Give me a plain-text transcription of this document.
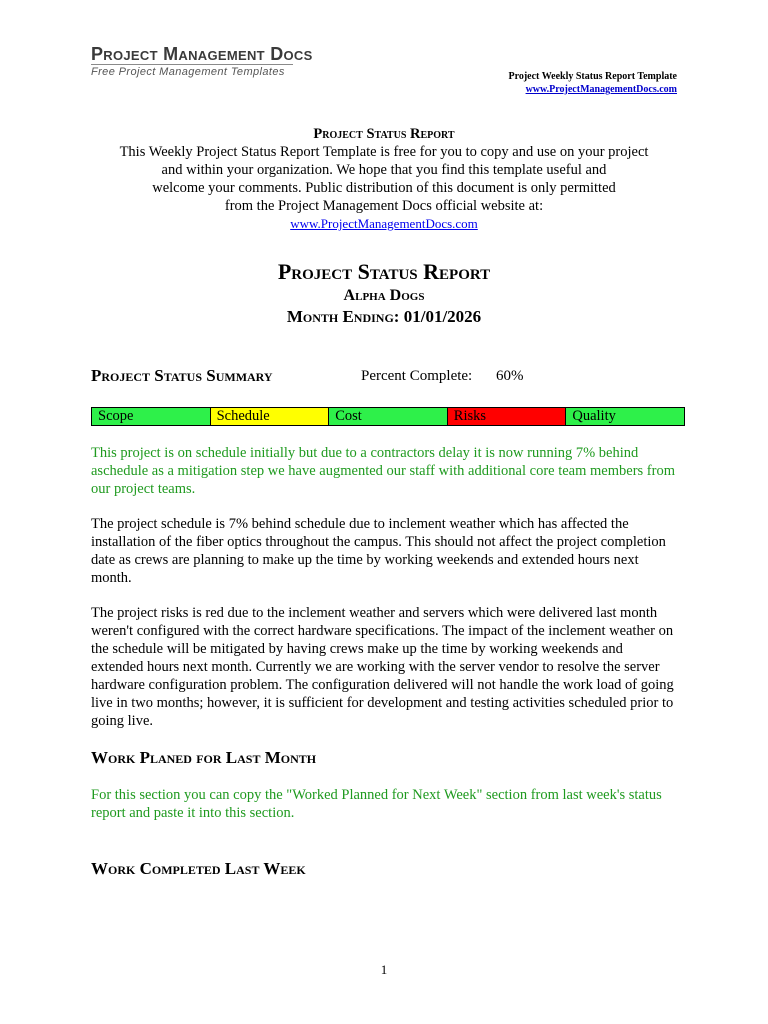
Project Management Docs
Free Project Management Templates	Project Weekly Status Report Template
www.ProjectManagementDocs.com
Project Status Report
This Weekly Project Status Report Template is free for you to copy and use on your project
and within your organization. We hope that you find this template useful and
welcome your comments. Public distribution of this document is only permitted
from the Project Management Docs official website at:
www.ProjectManagementDocs.com
Project Status Report
Alpha Dogs
Month Ending: 01/01/2026
Project Status Summary	Percent Complete: 60%
Scope	Schedule	Cost	Risks	Quality
This project is on schedule initially but due to a contractors delay it is now running 7% behind aschedule as a mitigation step we have augmented our staff with additional core team members from our project teams.
The project schedule is 7% behind schedule due to inclement weather which has affected the installation of the fiber optics throughout the campus. This should not affect the project completion date as crews are planning to make up the time by working weekends and extended hours next month.
The project risks is red due to the inclement weather and servers which were delivered last month weren't configured with the correct hardware specifications. The impact of the inclement weather on the schedule will be mitigated by having crews make up the time by working weekends and extended hours next month. Currently we are working with the server vendor to resolve the server hardware configuration problem. The configuration delivered will not handle the work load of going live in two months; however, it is sufficient for development and testing activities scheduled prior to going live.
Work Planed for Last Month
For this section you can copy the "Worked Planned for Next Week" section from last week's status report and paste it into this section.
Work Completed Last Week
1
